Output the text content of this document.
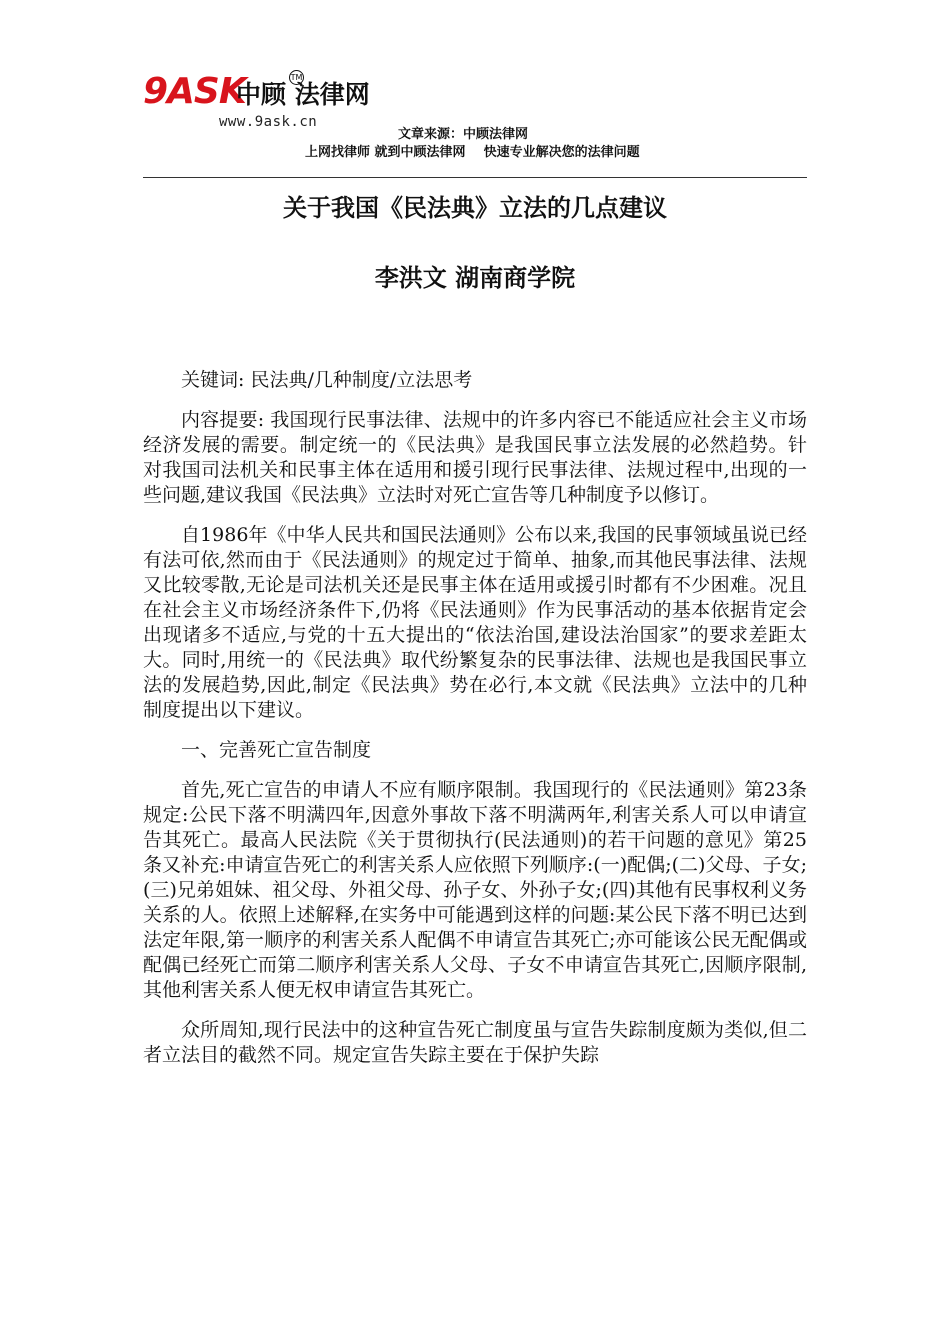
9ASK
中顾 法律网
TM
www.9ask.cn
文章来源：中顾法律网
上网找律师 就到中顾法律网    快速专业解决您的法律问题
关于我国《民法典》立法的几点建议
李洪文 湖南商学院

关键词: 民法典/几种制度/立法思考

内容提要: 我国现行民事法律、法规中的许多内容已不能适应社会主义市场经济发展的需要。制定统一的《民法典》是我国民事立法发展的必然趋势。针对我国司法机关和民事主体在适用和援引现行民事法律、法规过程中,出现的一些问题,建议我国《民法典》立法时对死亡宣告等几种制度予以修订。

自1986年《中华人民共和国民法通则》公布以来,我国的民事领域虽说已经有法可依,然而由于《民法通则》的规定过于简单、抽象,而其他民事法律、法规又比较零散,无论是司法机关还是民事主体在适用或援引时都有不少困难。况且在社会主义市场经济条件下,仍将《民法通则》作为民事活动的基本依据肯定会出现诸多不适应,与党的十五大提出的“依法治国,建设法治国家”的要求差距太大。同时,用统一的《民法典》取代纷繁复杂的民事法律、法规也是我国民事立法的发展趋势,因此,制定《民法典》势在必行,本文就《民法典》立法中的几种制度提出以下建议。

一、完善死亡宣告制度

首先,死亡宣告的申请人不应有顺序限制。我国现行的《民法通则》第23条规定:公民下落不明满四年,因意外事故下落不明满两年,利害关系人可以申请宣告其死亡。最高人民法院《关于贯彻执行(民法通则)的若干问题的意见》第25条又补充:申请宣告死亡的利害关系人应依照下列顺序:(一)配偶;(二)父母、子女;(三)兄弟姐妹、祖父母、外祖父母、孙子女、外孙子女;(四)其他有民事权利义务关系的人。依照上述解释,在实务中可能遇到这样的问题:某公民下落不明已达到法定年限,第一顺序的利害关系人配偶不申请宣告其死亡;亦可能该公民无配偶或配偶已经死亡而第二顺序利害关系人父母、子女不申请宣告其死亡,因顺序限制,其他利害关系人便无权申请宣告其死亡。

众所周知,现行民法中的这种宣告死亡制度虽与宣告失踪制度颇为类似,但二者立法目的截然不同。规定宣告失踪主要在于保护失踪
